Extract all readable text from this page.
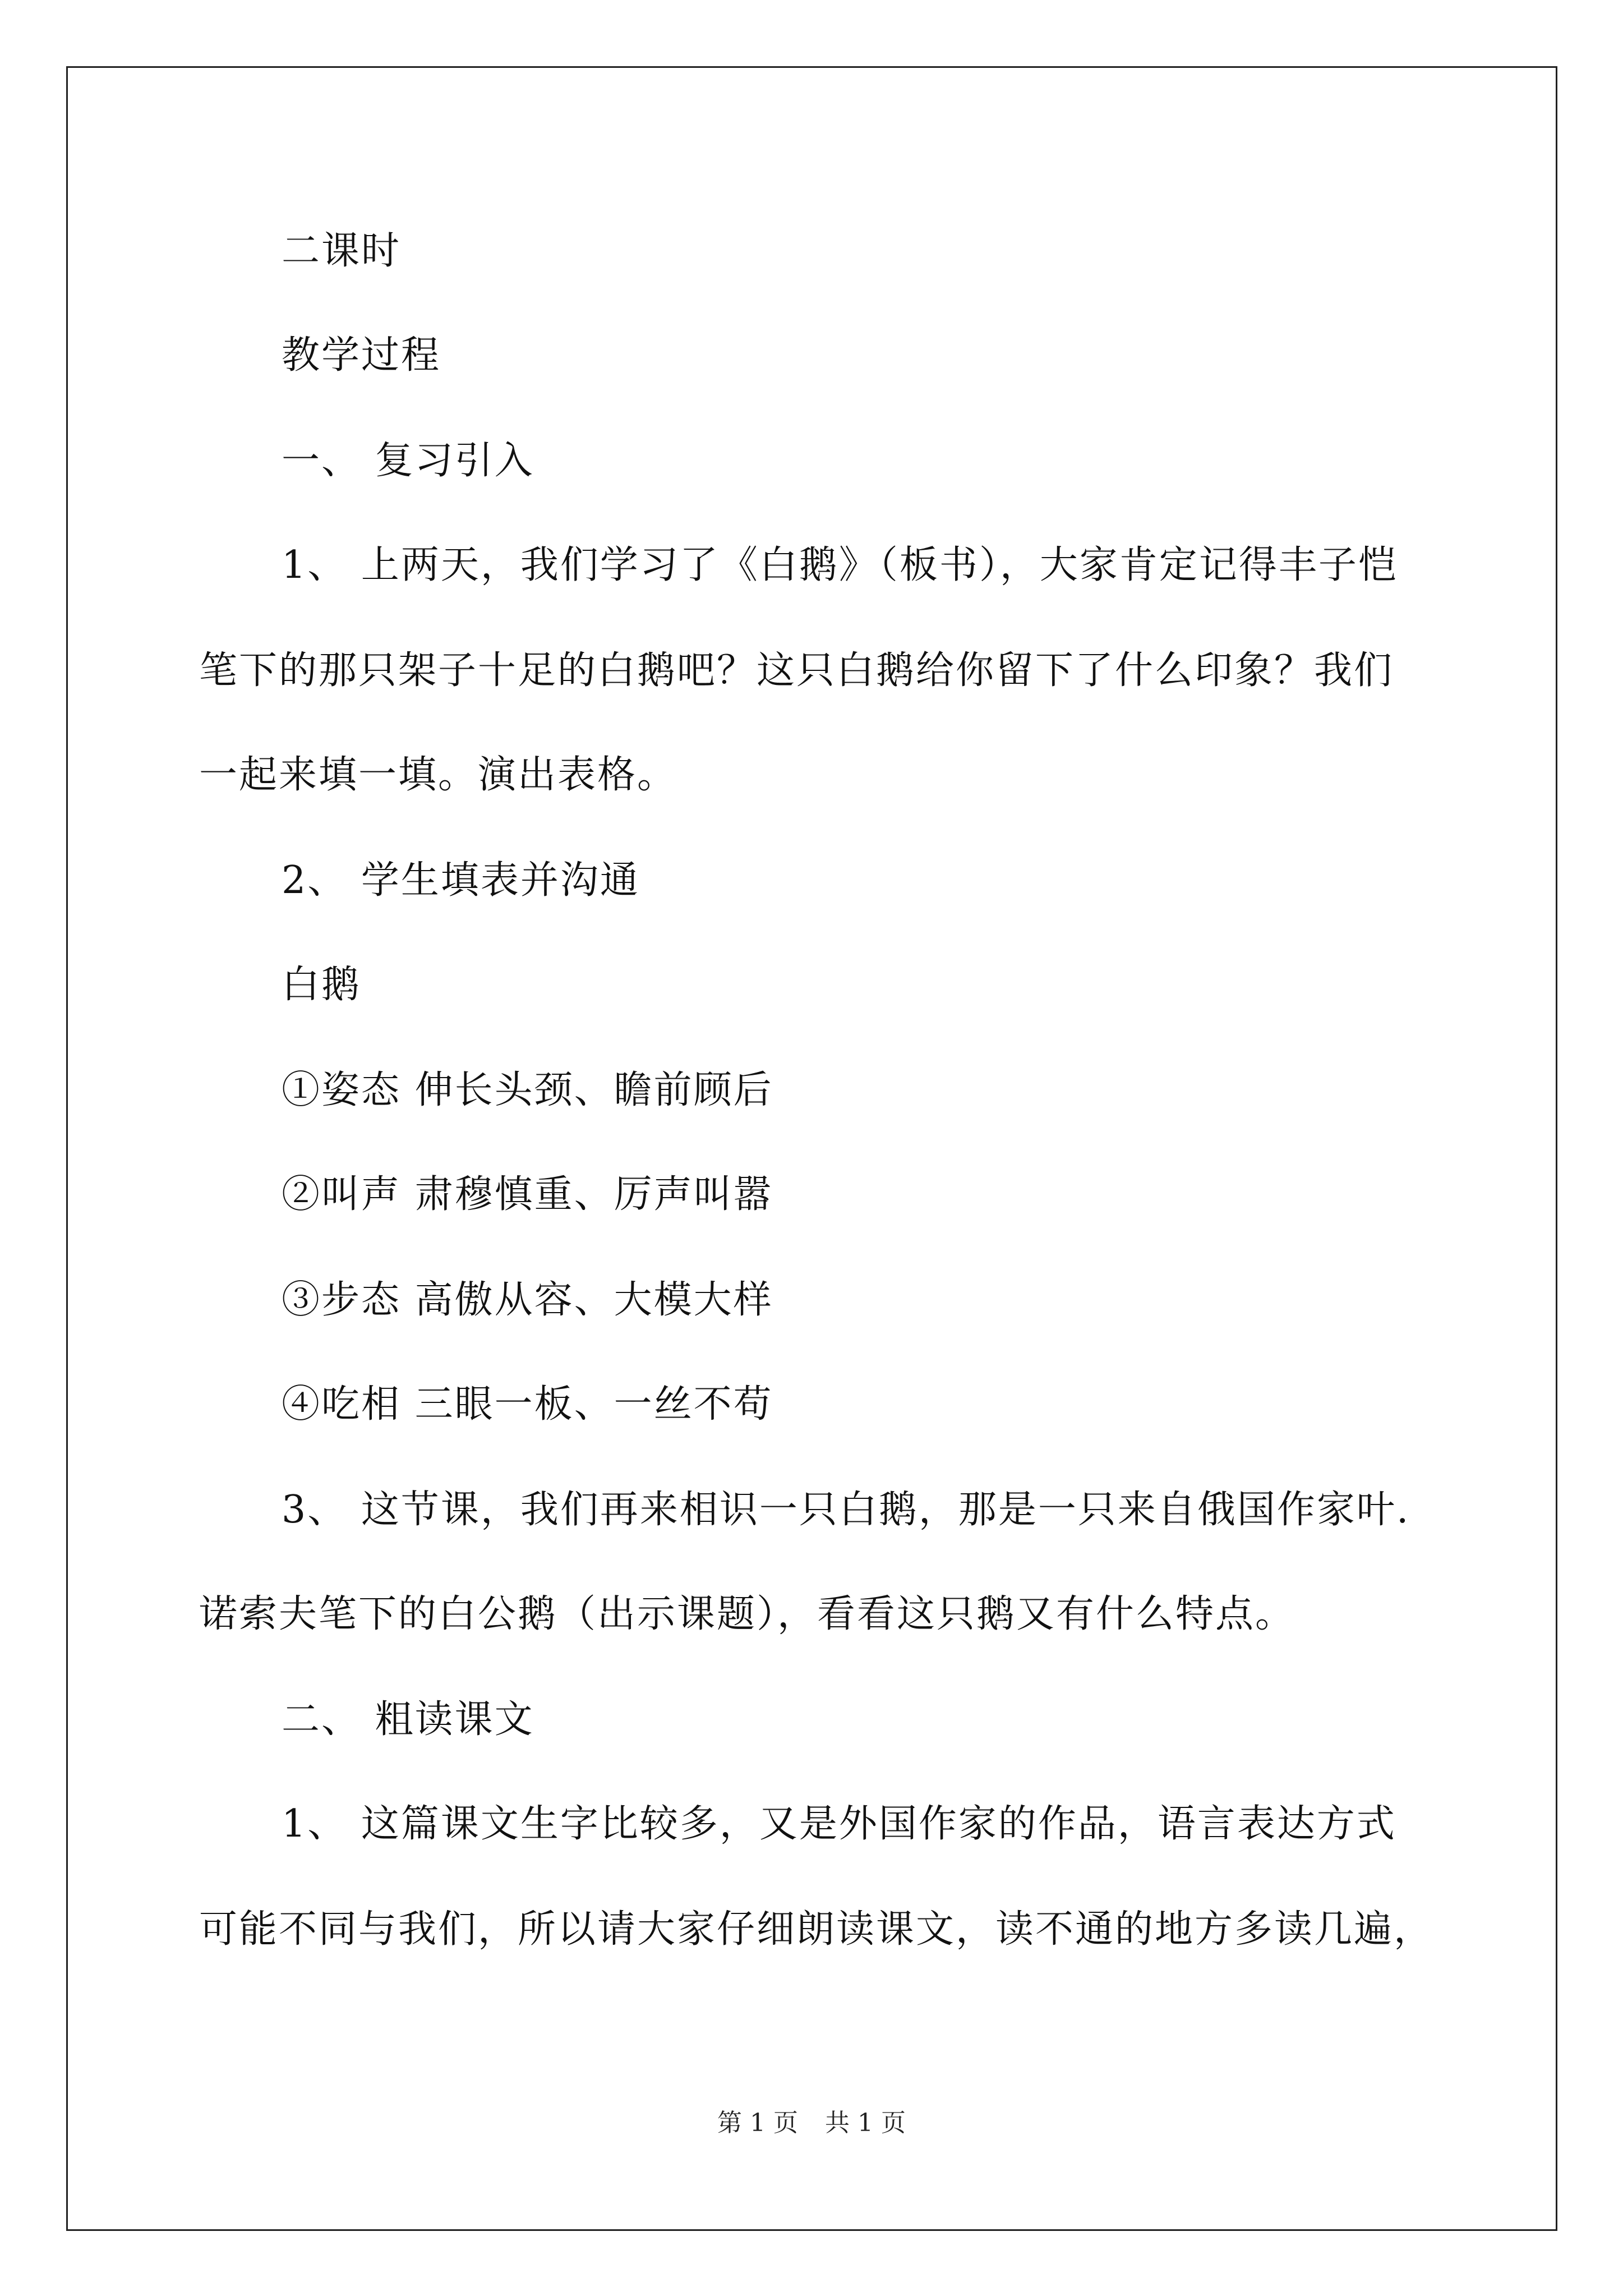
二课时
教学过程
一、 复习引入
1、 上两天，我们学习了《白鹅》（板书），大家肯定记得丰子恺
笔下的那只架子十足的白鹅吧？这只白鹅给你留下了什么印象？我们
一起来填一填。演出表格。
2、 学生填表并沟通
白鹅
①姿态 伸长头颈、瞻前顾后
②叫声 肃穆慎重、厉声叫嚣
③步态 高傲从容、大模大样
④吃相 三眼一板、一丝不苟
3、 这节课，我们再来相识一只白鹅，那是一只来自俄国作家叶.
诺索夫笔下的白公鹅（出示课题），看看这只鹅又有什么特点。
二、 粗读课文
1、 这篇课文生字比较多，又是外国作家的作品，语言表达方式
可能不同与我们，所以请大家仔细朗读课文，读不通的地方多读几遍，
第 1 页 共 1 页
